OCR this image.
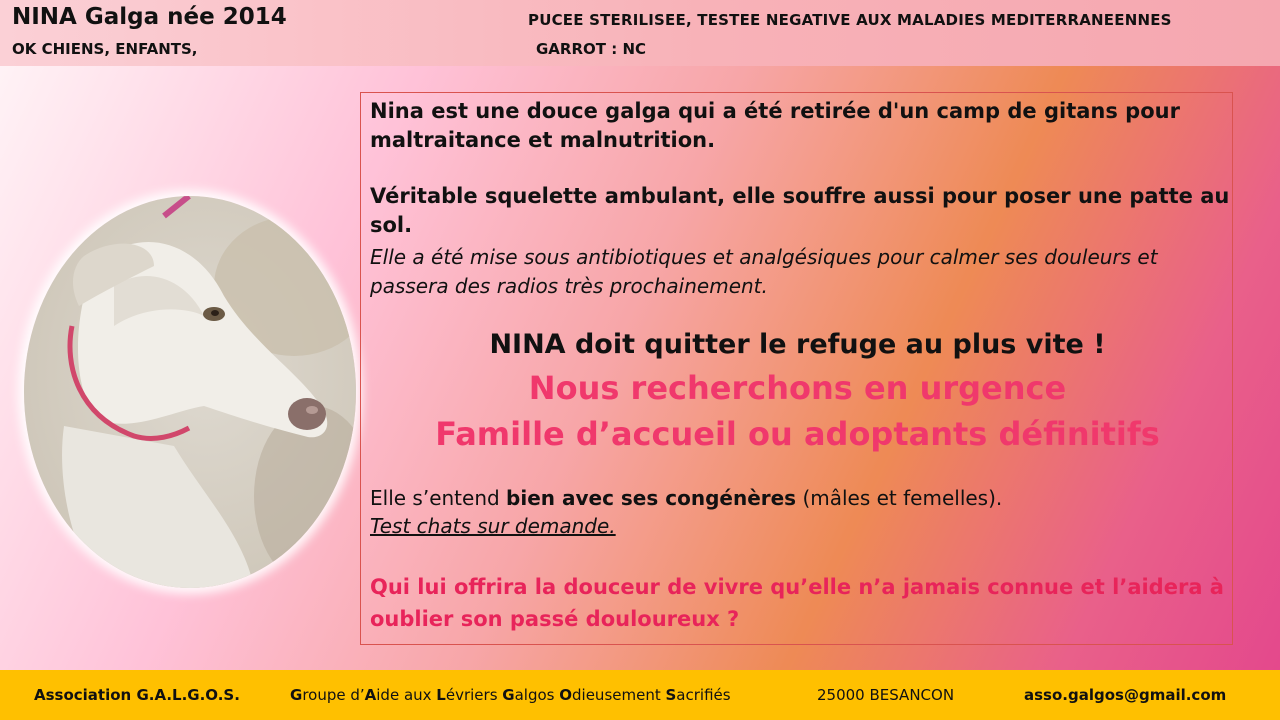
NINA Galga née 2014
OK CHIENS, ENFANTS,
PUCEE STERILISEE, TESTEE NEGATIVE AUX MALADIES MEDITERRANEENNES
GARROT : NC
Nina est une douce galga qui a été retirée d'un camp de gitans pour maltraitance et malnutrition.
Véritable squelette ambulant, elle souffre aussi pour poser une patte au sol.
Elle a été mise sous antibiotiques et analgésiques pour calmer ses douleurs et passera des radios très prochainement.
NINA doit quitter le refuge au plus vite !
Nous recherchons en urgence
Famille d’accueil ou adoptants définitifs
Elle s’entend bien avec ses congénères (mâles et femelles).
Test chats sur demande.
Qui lui offrira la douceur de vivre qu’elle n’a jamais connue et l’aidera à oublier son passé douloureux ?
Association G.A.L.G.O.S.	Groupe d’Aide aux Lévriers Galgos Odieusement Sacrifiés	25000 BESANCON	asso.galgos@gmail.com
